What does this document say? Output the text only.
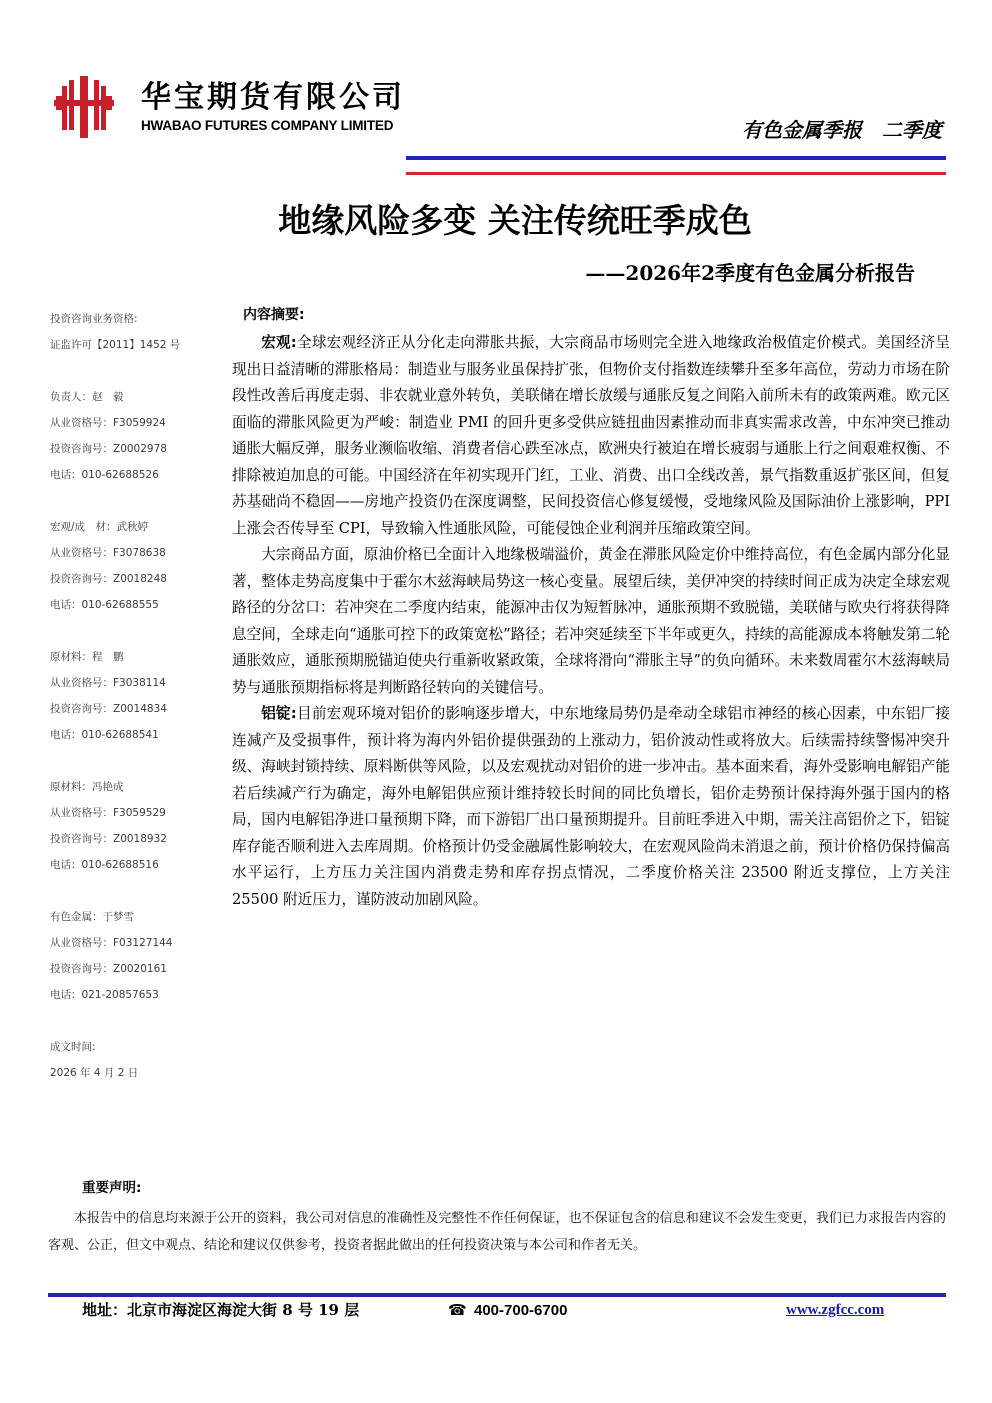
华宝期货有限公司
HWABAO FUTURES COMPANY LIMITED	有色金属季报　二季度
地缘风险多变 关注传统旺季成色
——2026年2季度有色金属分析报告
投资咨询业务资格:
证监许可【2011】1452 号
负责人：赵　毅
从业资格号：F3059924
投资咨询号：Z0002978
电话：010-62688526
宏观/成　材：武秋婷
从业资格号：F3078638
投资咨询号：Z0018248
电话：010-62688555
原材料：程　鹏
从业资格号：F3038114
投资咨询号：Z0014834
电话：010-62688541
原材料：冯艳成
从业资格号：F3059529
投资咨询号：Z0018932
电话：010-62688516
有色金属：于梦雪
从业资格号：F03127144
投资咨询号：Z0020161
电话：021-20857653
成文时间:
2026 年 4 月 2 日
内容摘要:

宏观:全球宏观经济正从分化走向滞胀共振，大宗商品市场则完全进入地缘政治极值定价模式。美国经济呈现出日益清晰的滞胀格局：制造业与服务业虽保持扩张，但物价支付指数连续攀升至多年高位，劳动力市场在阶段性改善后再度走弱、非农就业意外转负，美联储在增长放缓与通胀反复之间陷入前所未有的政策两难。欧元区面临的滞胀风险更为严峻：制造业 PMI 的回升更多受供应链扭曲因素推动而非真实需求改善，中东冲突已推动通胀大幅反弹，服务业濒临收缩、消费者信心跌至冰点，欧洲央行被迫在增长疲弱与通胀上行之间艰难权衡、不排除被迫加息的可能。中国经济在年初实现开门红，工业、消费、出口全线改善，景气指数重返扩张区间，但复苏基础尚不稳固——房地产投资仍在深度调整，民间投资信心修复缓慢，受地缘风险及国际油价上涨影响，PPI 上涨会否传导至 CPI，导致输入性通胀风险，可能侵蚀企业利润并压缩政策空间。

大宗商品方面，原油价格已全面计入地缘极端溢价，黄金在滞胀风险定价中维持高位，有色金属内部分化显著，整体走势高度集中于霍尔木兹海峡局势这一核心变量。展望后续，美伊冲突的持续时间正成为决定全球宏观路径的分岔口：若冲突在二季度内结束，能源冲击仅为短暂脉冲，通胀预期不致脱锚，美联储与欧央行将获得降息空间，全球走向“通胀可控下的政策宽松”路径；若冲突延续至下半年或更久，持续的高能源成本将触发第二轮通胀效应，通胀预期脱锚迫使央行重新收紧政策，全球将滑向“滞胀主导”的负向循环。未来数周霍尔木兹海峡局势与通胀预期指标将是判断路径转向的关键信号。

铝锭:目前宏观环境对铝价的影响逐步增大，中东地缘局势仍是牵动全球铝市神经的核心因素，中东铝厂接连减产及受损事件，预计将为海内外铝价提供强劲的上涨动力，铝价波动性或将放大。后续需持续警惕冲突升级、海峡封锁持续、原料断供等风险，以及宏观扰动对铝价的进一步冲击。基本面来看，海外受影响电解铝产能若后续减产行为确定，海外电解铝供应预计维持较长时间的同比负增长，铝价走势预计保持海外强于国内的格局，国内电解铝净进口量预期下降，而下游铝厂出口量预期提升。目前旺季进入中期，需关注高铝价之下，铝锭库存能否顺利进入去库周期。价格预计仍受金融属性影响较大，在宏观风险尚未消退之前，预计价格仍保持偏高水平运行，上方压力关注国内消费走势和库存拐点情况，二季度价格关注 23500 附近支撑位，上方关注 25500 附近压力，谨防波动加剧风险。

重要声明:
本报告中的信息均来源于公开的资料，我公司对信息的准确性及完整性不作任何保证，也不保证包含的信息和建议不会发生变更，我们已力求报告内容的客观、公正，但文中观点、结论和建议仅供参考，投资者据此做出的任何投资决策与本公司和作者无关。
地址：北京市海淀区海淀大街 8 号 19 层	☎ 400-700-6700	www.zgfcc.com
